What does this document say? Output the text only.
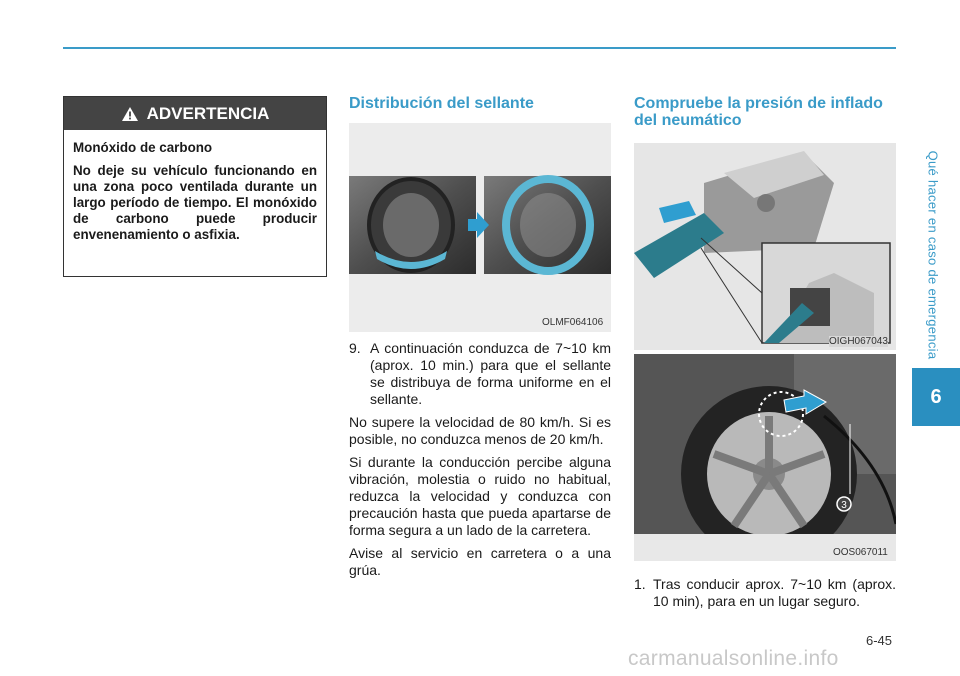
ADVERTENCIA
Monóxido de carbono
No deje su vehículo funcionando en una zona poco ventilada durante un largo período de tiempo. El monóxido de carbono puede producir envenenamiento o asfixia.
Distribución del sellante
OLMF064106

9. A continuación conduzca de 7~10 km (aprox. 10 min.) para que el sellante se distribuya de forma uniforme en el sellante.

No supere la velocidad de 80 km/h. Si es posible, no conduzca menos de 20 km/h.

Si durante la conducción percibe alguna vibración, molestia o ruido no habitual, reduzca la velocidad y conduzca con precaución hasta que pueda apartarse de forma segura a un lado de la carretera.

Avise al servicio en carretera o a una grúa.

Compruebe la presión de inflado del neumático
OIGH067043
3
OOS067011

1. Tras conducir aprox. 7~10 km (aprox. 10 min), para en un lugar seguro.

Qué hacer en caso de emergencia
6
6-45
carmanualsonline.info
